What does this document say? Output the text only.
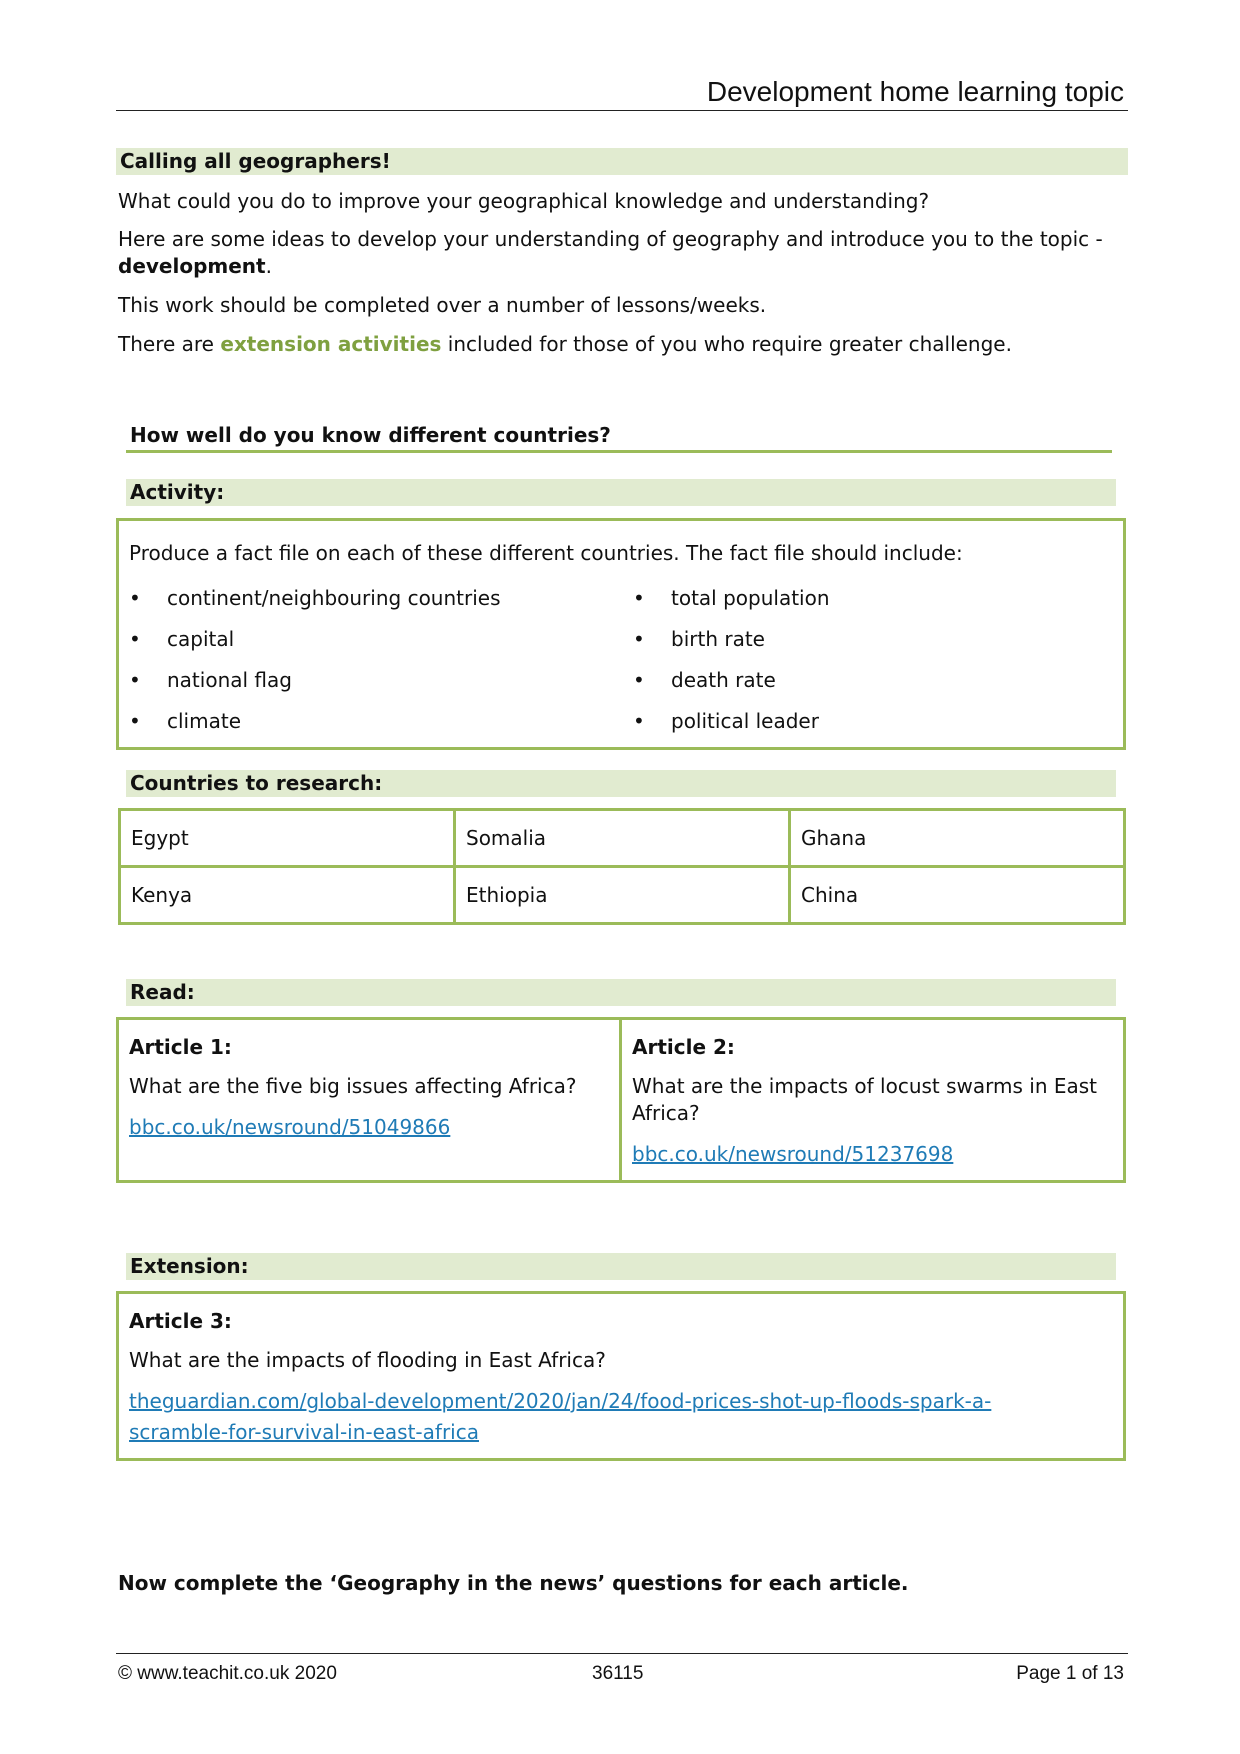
Development home learning topic
Calling all geographers!
What could you do to improve your geographical knowledge and understanding?
Here are some ideas to develop your understanding of geography and introduce you to the topic - development.
This work should be completed over a number of lessons/weeks.
There are extension activities included for those of you who require greater challenge.
How well do you know different countries?
Activity:
Produce a fact file on each of these different countries. The fact file should include:
• continent/neighbouring countries
• capital
• national flag
• climate
• total population
• birth rate
• death rate
• political leader
Countries to research:
Egypt	Somalia	Ghana
Kenya	Ethiopia	China
Read:
Article 1:
What are the five big issues affecting Africa?
bbc.co.uk/newsround/51049866
Article 2:
What are the impacts of locust swarms in East Africa?
bbc.co.uk/newsround/51237698
Extension:
Article 3:
What are the impacts of flooding in East Africa?
theguardian.com/global-development/2020/jan/24/food-prices-shot-up-floods-spark-a-
scramble-for-survival-in-east-africa
Now complete the ‘Geography in the news’ questions for each article.
© www.teachit.co.uk 2020	36115	Page 1 of 13
